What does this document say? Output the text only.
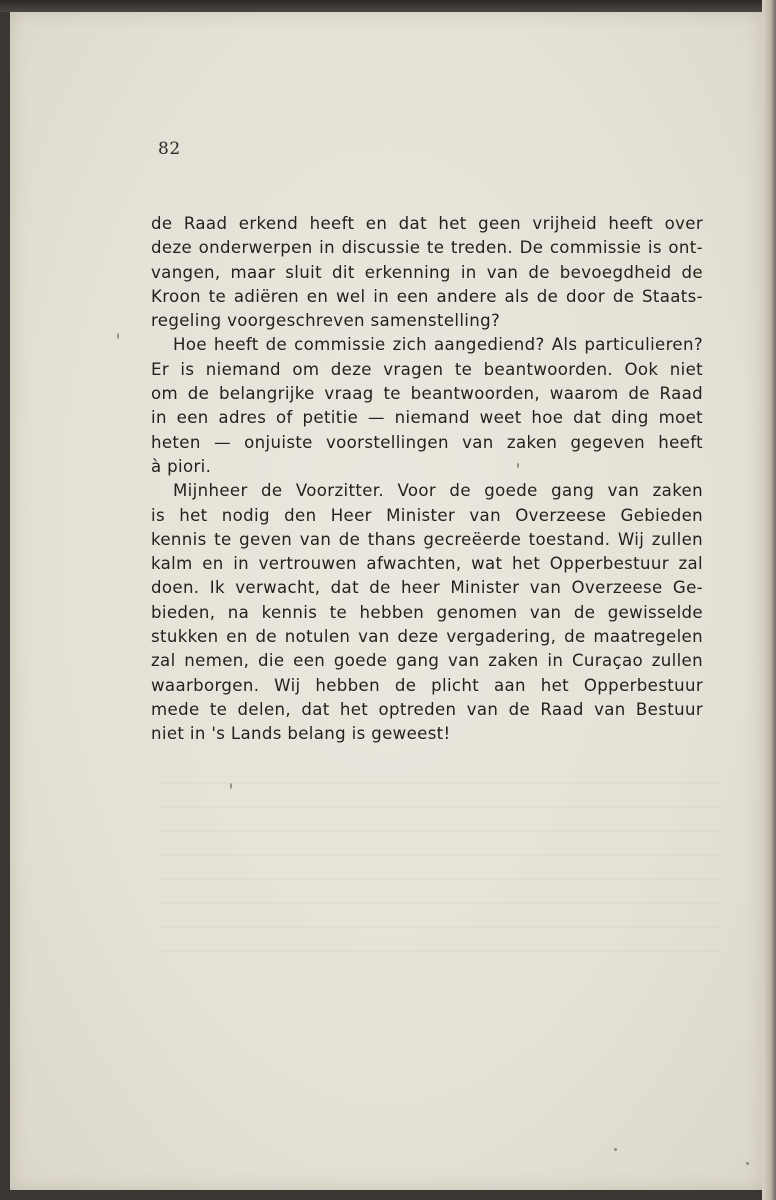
82
de Raad erkend heeft en dat het geen vrijheid heeft over
deze onderwerpen in discussie te treden. De commissie is ont-
vangen, maar sluit dit erkenning in van de bevoegdheid de
Kroon te adiëren en wel in een andere als de door de Staats-
regeling voorgeschreven samenstelling?
Hoe heeft de commissie zich aangediend? Als particulieren?
Er is niemand om deze vragen te beantwoorden. Ook niet
om de belangrijke vraag te beantwoorden, waarom de Raad
in een adres of petitie — niemand weet hoe dat ding moet
heten — onjuiste voorstellingen van zaken gegeven heeft
à piori.
Mijnheer de Voorzitter. Voor de goede gang van zaken
is het nodig den Heer Minister van Overzeese Gebieden
kennis te geven van de thans gecreëerde toestand. Wij zullen
kalm en in vertrouwen afwachten, wat het Opperbestuur zal
doen. Ik verwacht, dat de heer Minister van Overzeese Ge-
bieden, na kennis te hebben genomen van de gewisselde
stukken en de notulen van deze vergadering, de maatregelen
zal nemen, die een goede gang van zaken in Curaçao zullen
waarborgen. Wij hebben de plicht aan het Opperbestuur
mede te delen, dat het optreden van de Raad van Bestuur
niet in 's Lands belang is geweest!
